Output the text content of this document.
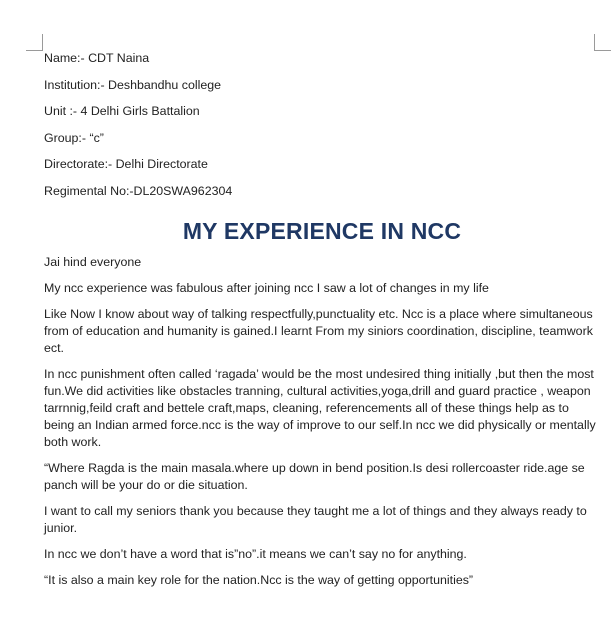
Name:- CDT Naina
Institution:- Deshbandhu college
Unit :- 4 Delhi Girls Battalion
Group:- “c”
Directorate:- Delhi Directorate
Regimental No:-DL20SWA962304
MY EXPERIENCE IN NCC

Jai hind everyone

My ncc experience was fabulous after joining ncc I saw a lot of changes in my life

Like Now I know about way of talking respectfully,punctuality etc. Ncc is a place where simultaneous from of education and humanity is gained.I learnt From my siniors coordination, discipline, teamwork ect.

In ncc punishment often called ‘ragada’ would be the most undesired thing initially ,but then the most fun.We did activities like obstacles tranning, cultural activities,yoga,drill and guard practice , weapon tarrnnig,feild craft and bettele craft,maps, cleaning, referencements all of these things help as to being an Indian armed force.ncc is the way of improve to our self.In ncc we did physically or mentally both work.

“Where Ragda is the main masala.where up down in bend position.Is desi rollercoaster ride.age se panch will be your do or die situation.

I want to call my seniors thank you because they taught me a lot of things and they always ready to junior.

In ncc we don’t have a word that is”no”.it means we can’t say no for anything.

“It is also a main key role for the nation.Ncc is the way of getting opportunities”
